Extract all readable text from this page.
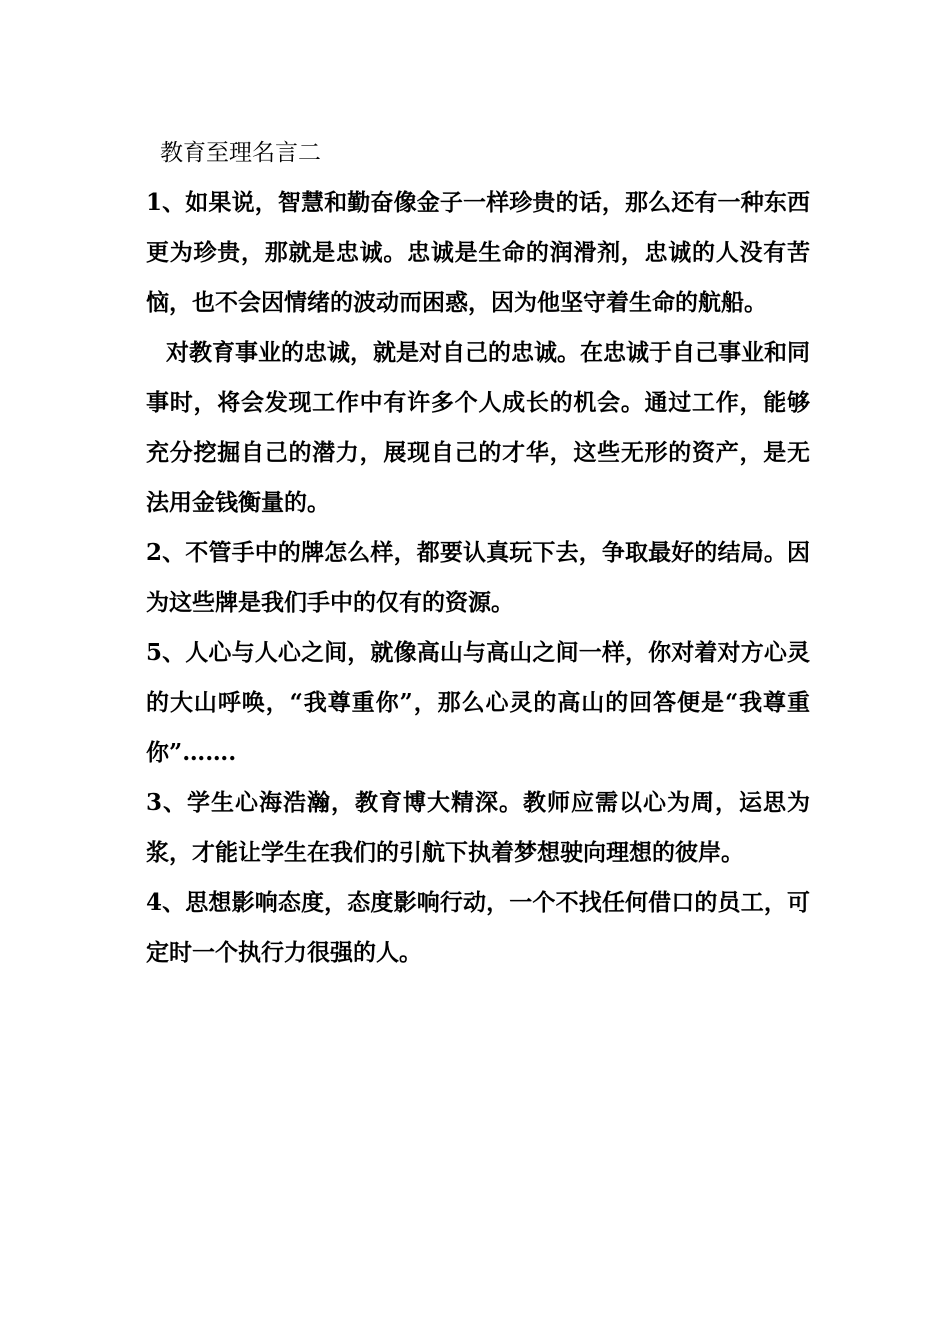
教育至理名言二

1、如果说，智慧和勤奋像金子一样珍贵的话，那么还有一种东西更为珍贵，那就是忠诚。忠诚是生命的润滑剂，忠诚的人没有苦恼，也不会因情绪的波动而困惑，因为他坚守着生命的航船。

对教育事业的忠诚，就是对自己的忠诚。在忠诚于自己事业和同事时，将会发现工作中有许多个人成长的机会。通过工作，能够充分挖掘自己的潜力，展现自己的才华，这些无形的资产，是无法用金钱衡量的。

2、不管手中的牌怎么样，都要认真玩下去，争取最好的结局。因为这些牌是我们手中的仅有的资源。

5、人心与人心之间，就像高山与高山之间一样，你对着对方心灵的大山呼唤，“我尊重你”，那么心灵的高山的回答便是“我尊重你”…….

3、学生心海浩瀚，教育博大精深。教师应需以心为周，运思为浆，才能让学生在我们的引航下执着梦想驶向理想的彼岸。

4、思想影响态度，态度影响行动，一个不找任何借口的员工，可定时一个执行力很强的人。
